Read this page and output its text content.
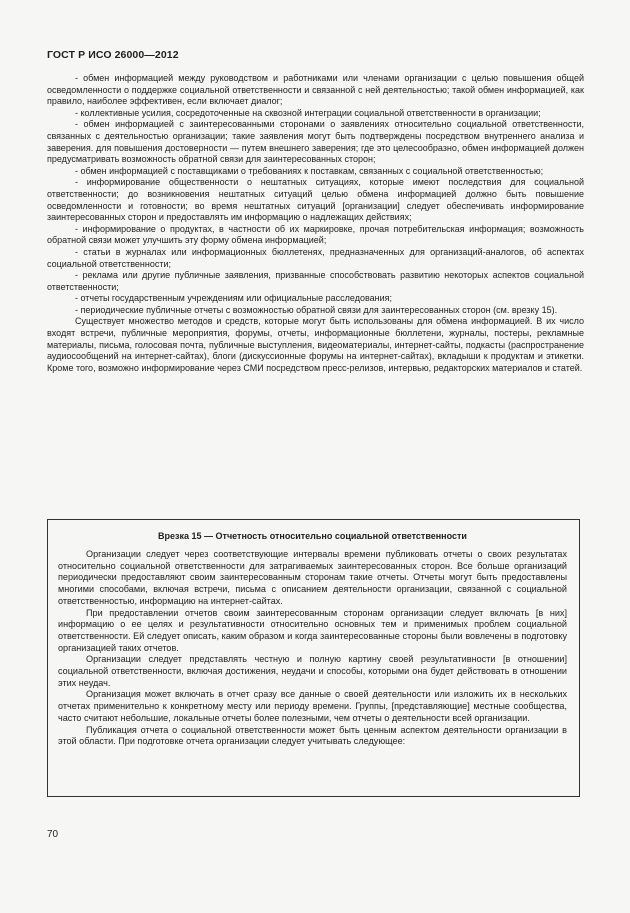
ГОСТ Р ИСО 26000—2012

- обмен информацией между руководством и работниками или членами организации с целью повышения общей осведомленности о поддержке социальной ответственности и связанной с ней деятельностью; такой обмен информацией, как правило, наиболее эффективен, если включает диалог;

- коллективные усилия, сосредоточенные на сквозной интеграции социальной ответственности в организации;

- обмен информацией с заинтересованными сторонами о заявлениях относительно социальной ответственности, связанных с деятельностью организации; такие заявления могут быть подтверждены посредством внутреннего анализа и заверения. для повышения достоверности — путем внешнего заверения; где это целесообразно, обмен информацией должен предусматривать возможность обратной связи для заинтересованных сторон;

- обмен информацией с поставщиками о требованиях к поставкам, связанных с социальной ответственностью;

- информирование общественности о нештатных ситуациях, которые имеют последствия для социальной ответственности; до возникновения нештатных ситуаций целью обмена информацией должно быть повышение осведомленности и готовности; во время нештатных ситуаций [организации] следует обеспечивать информирование заинтересованных сторон и предоставлять им информацию о надлежащих действиях;

- информирование о продуктах, в частности об их маркировке, прочая потребительская информация; возможность обратной связи может улучшить эту форму обмена информацией;

- статьи в журналах или информационных бюллетенях, предназначенных для организаций-аналогов, об аспектах социальной ответственности;

- реклама или другие публичные заявления, призванные способствовать развитию некоторых аспектов социальной ответственности;

- отчеты государственным учреждениям или официальные расследования;

- периодические публичные отчеты с возможностью обратной связи для заинтересованных сторон (см. врезку 15).

Существует множество методов и средств, которые могут быть использованы для обмена информацией. В их число входят встречи, публичные мероприятия, форумы, отчеты, информационные бюллетени, журналы, постеры, рекламные материалы, письма, голосовая почта, публичные выступления, видеоматериалы, интернет-сайты, подкасты (распространение аудиосообщений на интернет-сайтах), блоги (дискуссионные форумы на интернет-сайтах), вкладыши к продуктам и этикетки. Кроме того, возможно информирование через СМИ посредством пресс-релизов, интервью, редакторских материалов и статей.

Врезка 15 — Отчетность относительно социальной ответственности

Организации следует через соответствующие интервалы времени публиковать отчеты о своих результатах относительно социальной ответственности для затрагиваемых заинтересованных сторон. Все больше организаций периодически предоставляют своим заинтересованным сторонам такие отчеты. Отчеты могут быть предоставлены многими способами, включая встречи, письма с описанием деятельности организации, связанной с социальной ответственностью, информацию на интернет-сайтах.

При предоставлении отчетов своим заинтересованным сторонам организации следует включать [в них] информацию о ее целях и результативности относительно основных тем и применимых проблем социальной ответственности. Ей следует описать, каким образом и когда заинтересованные стороны были вовлечены в подготовку организацией таких отчетов.

Организации следует представлять честную и полную картину своей результативности [в отношении] социальной ответственности, включая достижения, неудачи и способы, которыми она будет действовать в отношении этих неудач.

Организация может включать в отчет сразу все данные о своей деятельности или изложить их в нескольких отчетах применительно к конкретному месту или периоду времени. Группы, [представляющие] местные сообщества, часто считают небольшие, локальные отчеты более полезными, чем отчеты о деятельности всей организации.

Публикация отчета о социальной ответственности может быть ценным аспектом деятельности организации в этой области. При подготовке отчета организации следует учитывать следующее:

70
